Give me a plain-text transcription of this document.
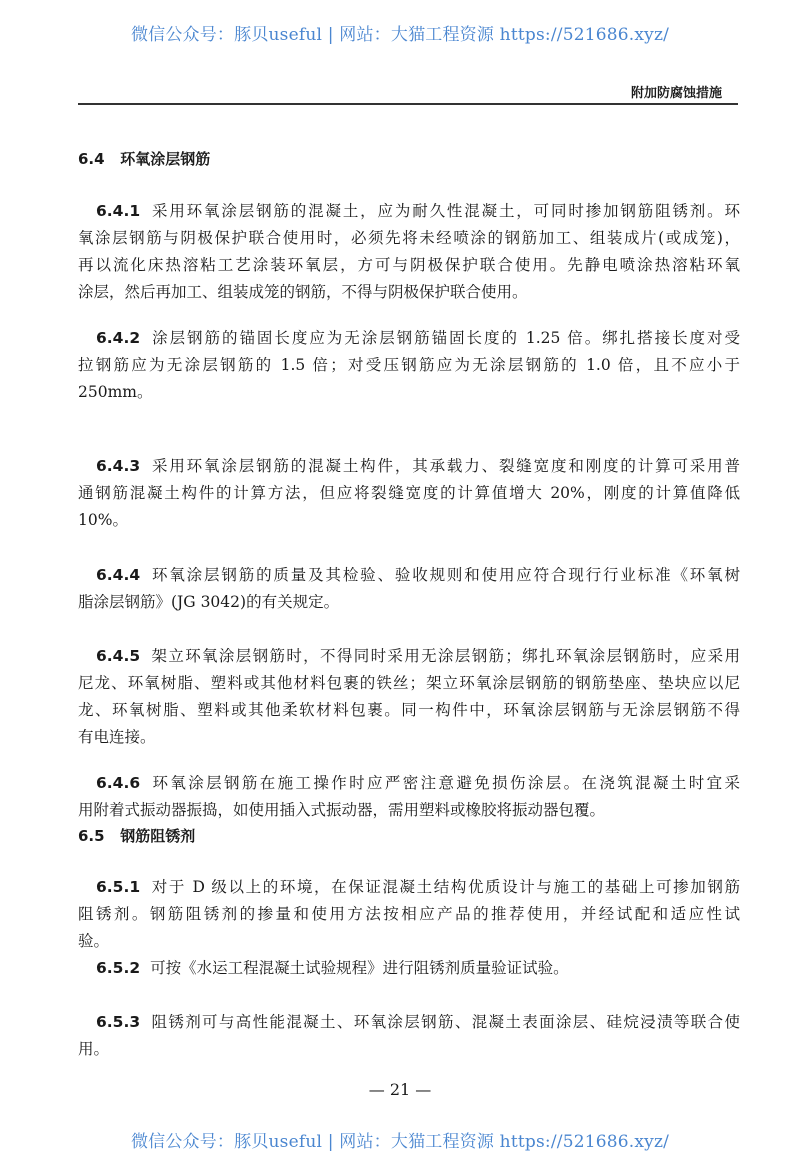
微信公众号：豚贝useful | 网站：大猫工程资源 https://521686.xyz/
附加防腐蚀措施
6.4 环氧涂层钢筋
6.5 钢筋阻锈剂
6.4.1 采用环氧涂层钢筋的混凝土，应为耐久性混凝土，可同时掺加钢筋阻锈剂。环
氧涂层钢筋与阴极保护联合使用时，必须先将未经喷涂的钢筋加工、组装成片(或成笼)，
再以流化床热溶粘工艺涂装环氧层，方可与阴极保护联合使用。先静电喷涂热溶粘环氧
涂层，然后再加工、组装成笼的钢筋，不得与阴极保护联合使用。
6.4.2 涂层钢筋的锚固长度应为无涂层钢筋锚固长度的 1.25 倍。绑扎搭接长度对受
拉钢筋应为无涂层钢筋的 1.5 倍；对受压钢筋应为无涂层钢筋的 1.0 倍，且不应小于
250mm。
6.4.3 采用环氧涂层钢筋的混凝土构件，其承载力、裂缝宽度和刚度的计算可采用普
通钢筋混凝土构件的计算方法，但应将裂缝宽度的计算值增大 20%，刚度的计算值降低
10%。
6.4.4 环氧涂层钢筋的质量及其检验、验收规则和使用应符合现行行业标准《环氧树
脂涂层钢筋》(JG 3042)的有关规定。
6.4.5 架立环氧涂层钢筋时，不得同时采用无涂层钢筋；绑扎环氧涂层钢筋时，应采用
尼龙、环氧树脂、塑料或其他材料包裹的铁丝；架立环氧涂层钢筋的钢筋垫座、垫块应以尼
龙、环氧树脂、塑料或其他柔软材料包裹。同一构件中，环氧涂层钢筋与无涂层钢筋不得
有电连接。
6.4.6 环氧涂层钢筋在施工操作时应严密注意避免损伤涂层。在浇筑混凝土时宜采
用附着式振动器振捣，如使用插入式振动器，需用塑料或橡胶将振动器包覆。
6.5.1 对于 D 级以上的环境，在保证混凝土结构优质设计与施工的基础上可掺加钢筋
阻锈剂。钢筋阻锈剂的掺量和使用方法按相应产品的推荐使用，并经试配和适应性试
验。
6.5.2 可按《水运工程混凝土试验规程》进行阻锈剂质量验证试验。
6.5.3 阻锈剂可与高性能混凝土、环氧涂层钢筋、混凝土表面涂层、硅烷浸渍等联合使
用。
— 21 —
微信公众号：豚贝useful | 网站：大猫工程资源 https://521686.xyz/
